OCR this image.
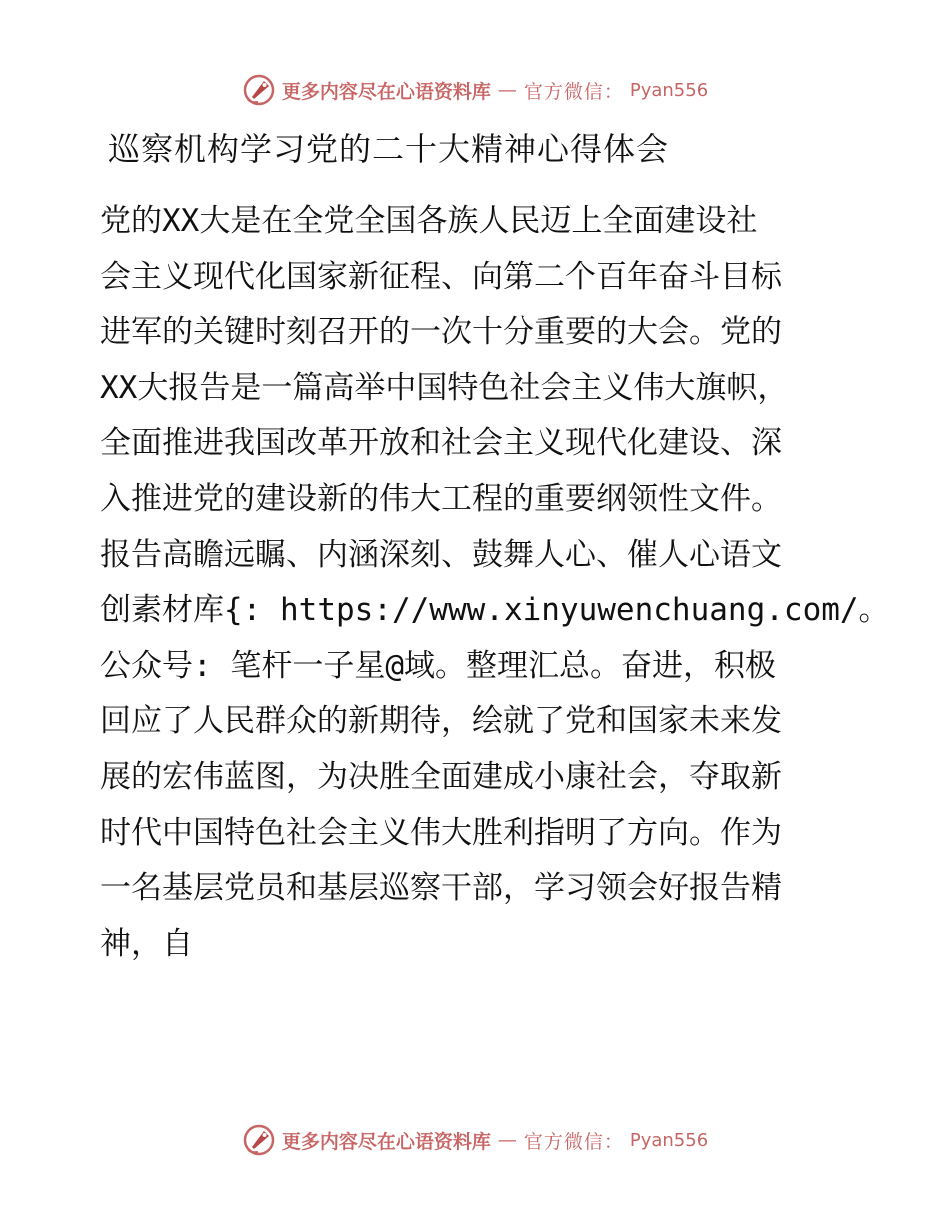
更多内容尽在心语资料库 — 官方微信： Pyan556
巡察机构学习党的二十大精神心得体会

党的XX大是在全党全国各族人民迈上全面建设社

会主义现代化国家新征程、向第二个百年奋斗目标

进军的关键时刻召开的一次十分重要的大会。党的

XX大报告是一篇高举中国特色社会主义伟大旗帜，

全面推进我国改革开放和社会主义现代化建设、深

入推进党的建设新的伟大工程的重要纲领性文件。

报告高瞻远瞩、内涵深刻、鼓舞人心、催人心语文

创素材库{: https://www.xinyuwenchuang.com/。

公众号: 笔杆一子星@域。整理汇总。奋进，积极

回应了人民群众的新期待，绘就了党和国家未来发

展的宏伟蓝图，为决胜全面建成小康社会，夺取新

时代中国特色社会主义伟大胜利指明了方向。作为

一名基层党员和基层巡察干部，学习领会好报告精

神，自

更多内容尽在心语资料库 — 官方微信： Pyan556
